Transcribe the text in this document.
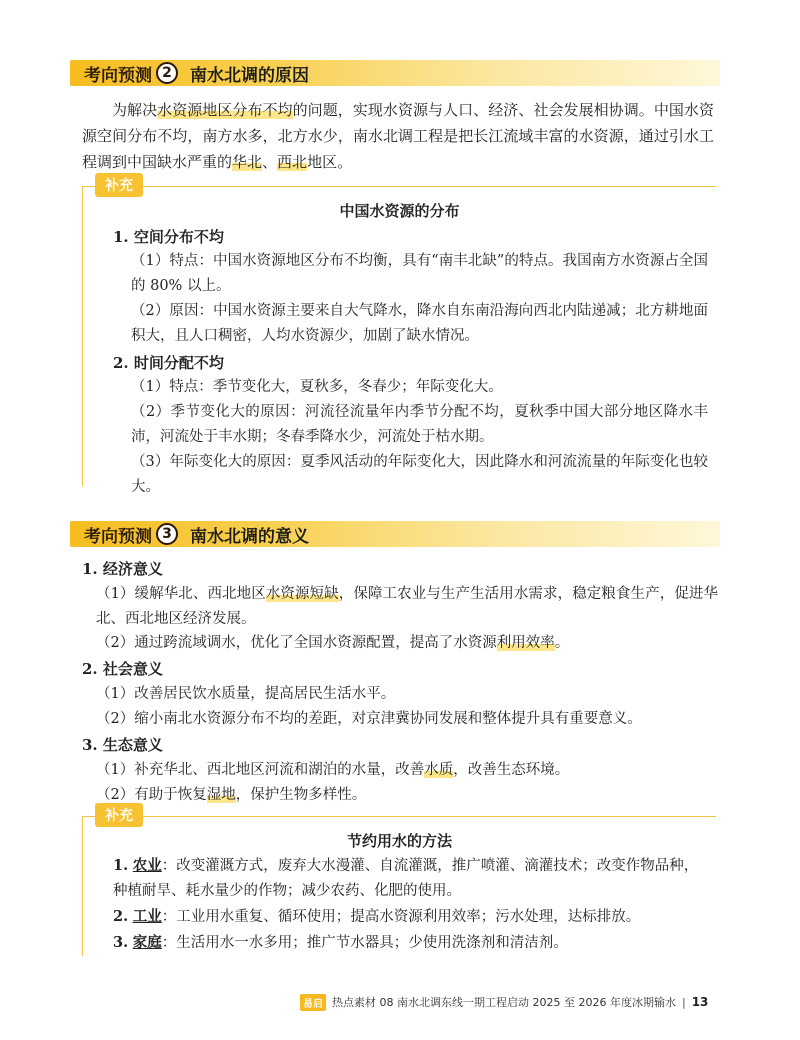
考向预测 2	南水北调的原因

为解决水资源地区分布不均的问题，实现水资源与人口、经济、社会发展相协调。中国水资源空间分布不均，南方水多，北方水少，南水北调工程是把长江流域丰富的水资源，通过引水工程调到中国缺水严重的华北、西北地区。

补充
中国水资源的分布
1. 空间分布不均
（1）特点：中国水资源地区分布不均衡，具有“南丰北缺”的特点。我国南方水资源占全国的 80% 以上。
（2）原因：中国水资源主要来自大气降水，降水自东南沿海向西北内陆递减；北方耕地面积大，且人口稠密，人均水资源少，加剧了缺水情况。
2. 时间分配不均
（1）特点：季节变化大，夏秋多，冬春少；年际变化大。
（2）季节变化大的原因：河流径流量年内季节分配不均，夏秋季中国大部分地区降水丰沛，河流处于丰水期；冬春季降水少，河流处于枯水期。
（3）年际变化大的原因：夏季风活动的年际变化大，因此降水和河流流量的年际变化也较大。
考向预测 3	南水北调的意义
1. 经济意义
（1）缓解华北、西北地区水资源短缺，保障工农业与生产生活用水需求，稳定粮食生产，促进华北、西北地区经济发展。
（2）通过跨流域调水，优化了全国水资源配置，提高了水资源利用效率。
2. 社会意义
（1）改善居民饮水质量，提高居民生活水平。
（2）缩小南北水资源分布不均的差距，对京津冀协同发展和整体提升具有重要意义。
3. 生态意义
（1）补充华北、西北地区河流和湖泊的水量，改善水质，改善生态环境。
（2）有助于恢复湿地，保护生物多样性。
补充
节约用水的方法
1. 农业：改变灌溉方式，废弃大水漫灌、自流灌溉，推广喷灌、滴灌技术；改变作物品种，
种植耐旱、耗水量少的作物；减少农药、化肥的使用。
2. 工业：工业用水重复、循环使用；提高水资源利用效率；污水处理，达标排放。
3. 家庭：生活用水一水多用；推广节水器具；少使用洗涤剂和清洁剂。
易启 热点素材 08 南水北调东线一期工程启动 2025 至 2026 年度冰期输水 | 13
